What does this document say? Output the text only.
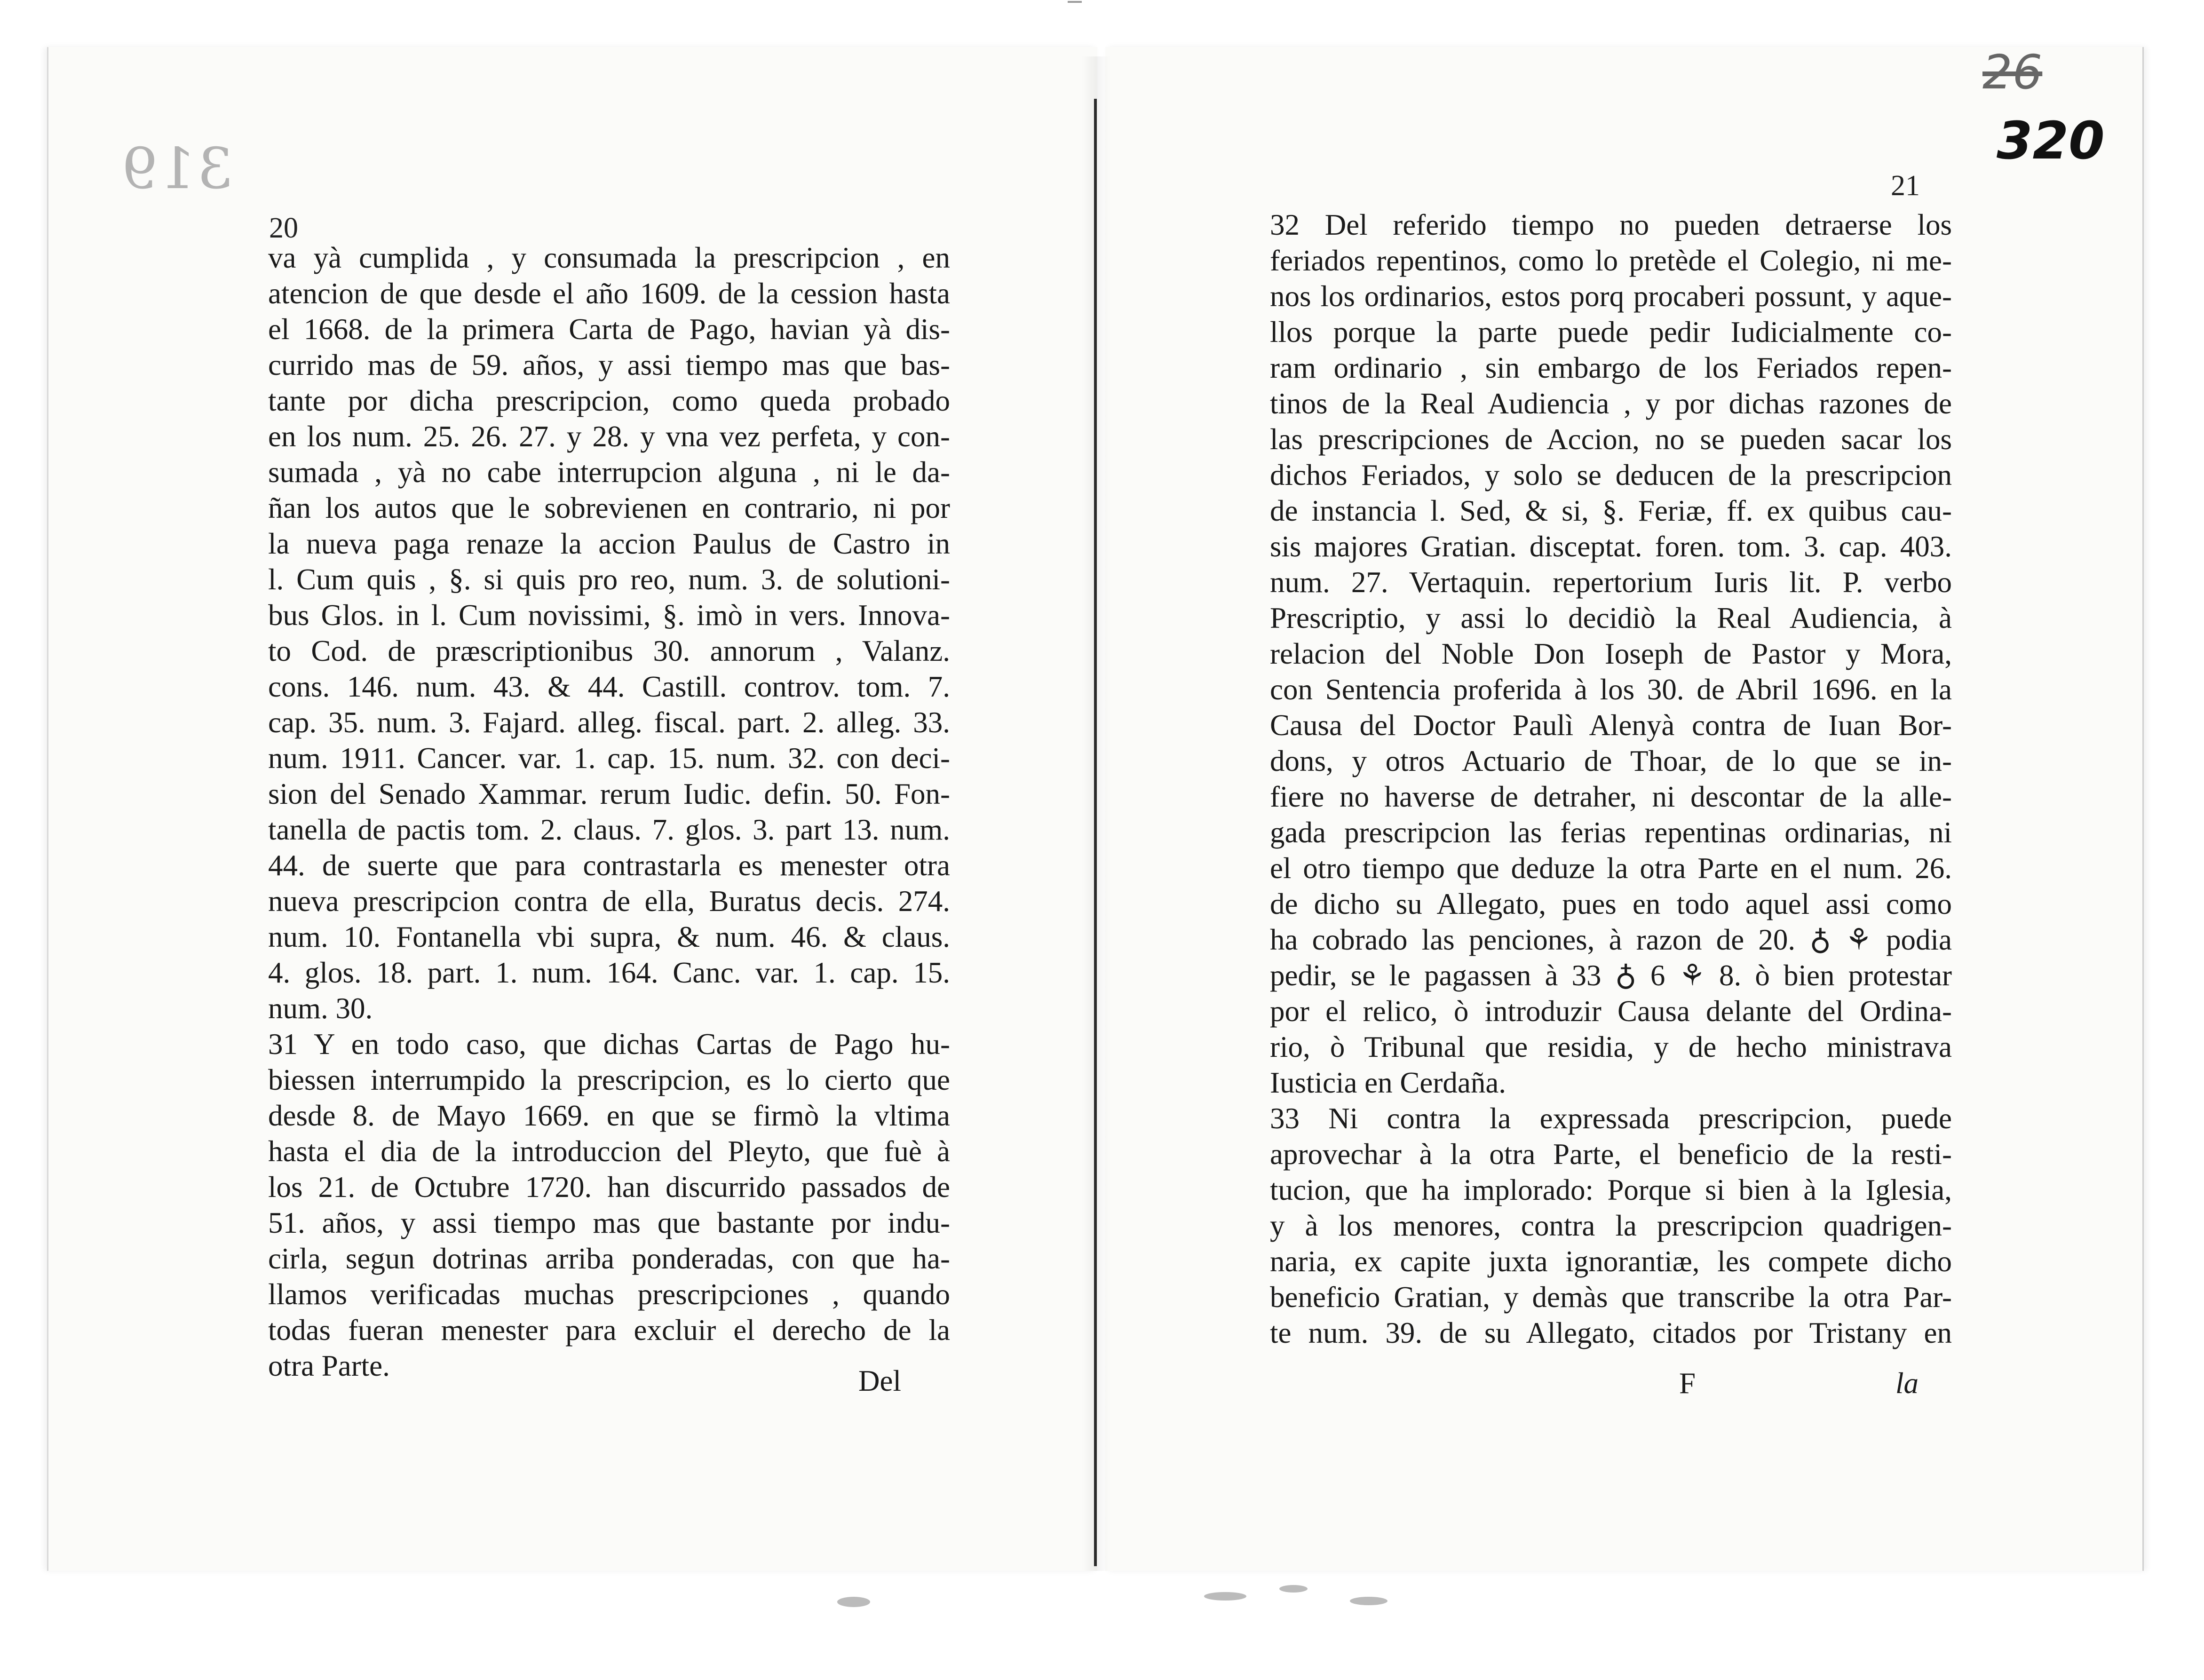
319
26
320
20
va yà cumplida , y consumada la prescripcion , en
atencion de que desde el año 1609. de la cession hasta
el 1668. de la primera Carta de Pago, havian yà dis-
currido mas de 59. años, y assi tiempo mas que bas-
tante por dicha prescripcion, como queda probado
en los num. 25. 26. 27. y 28. y vna vez perfeta, y con-
sumada , yà no cabe interrupcion alguna , ni le da-
ñan los autos que le sobrevienen en contrario, ni por
la nueva paga renaze la accion Paulus de Castro in
l. Cum quis , §. si quis pro reo, num. 3. de solutioni-
bus Glos. in l. Cum novissimi, §. imò in vers. Innova-
to Cod. de præscriptionibus 30. annorum , Valanz.
cons. 146. num. 43. & 44. Castill. controv. tom. 7.
cap. 35. num. 3. Fajard. alleg. fiscal. part. 2. alleg. 33.
num. 1911. Cancer. var. 1. cap. 15. num. 32. con deci-
sion del Senado Xammar. rerum Iudic. defin. 50. Fon-
tanella de pactis tom. 2. claus. 7. glos. 3. part 13. num.
44. de suerte que para contrastarla es menester otra
nueva prescripcion contra de ella, Buratus decis. 274.
num. 10. Fontanella vbi supra, & num. 46. & claus.
4. glos. 18. part. 1. num. 164. Canc. var. 1. cap. 15.
num. 30.
31 Y en todo caso, que dichas Cartas de Pago hu-
biessen interrumpido la prescripcion, es lo cierto que
desde 8. de Mayo 1669. en que se firmò la vltima
hasta el dia de la introduccion del Pleyto, que fuè à
los 21. de Octubre 1720. han discurrido passados de
51. años, y assi tiempo mas que bastante por indu-
cirla, segun dotrinas arriba ponderadas, con que ha-
llamos verificadas muchas prescripciones , quando
todas fueran menester para excluir el derecho de la
otra Parte.	Del
21
32 Del referido tiempo no pueden detraerse los
feriados repentinos, como lo pretède el Colegio, ni me-
nos los ordinarios, estos porq procaberi possunt, y aque-
llos porque la parte puede pedir Iudicialmente co-
ram ordinario , sin embargo de los Feriados repen-
tinos de la Real Audiencia , y por dichas razones de
las prescripciones de Accion, no se pueden sacar los
dichos Feriados, y solo se deducen de la prescripcion
de instancia l. Sed, & si, §. Feriæ, ff. ex quibus cau-
sis majores Gratian. disceptat. foren. tom. 3. cap. 403.
num. 27. Vertaquin. repertorium Iuris lit. P. verbo
Prescriptio, y assi lo decidiò la Real Audiencia, à
relacion del Noble Don Ioseph de Pastor y Mora,
con Sentencia proferida à los 30. de Abril 1696. en la
Causa del Doctor Paulì Alenyà contra de Iuan Bor-
dons, y otros Actuario de Thoar, de lo que se in-
fiere no haverse de detraher, ni descontar de la alle-
gada prescripcion las ferias repentinas ordinarias, ni
el otro tiempo que deduze la otra Parte en el num. 26.
de dicho su Allegato, pues en todo aquel assi como
ha cobrado las penciones, à razon de 20. ♁ ⚘ podia
pedir, se le pagassen à 33 ♁ 6 ⚘ 8. ò bien protestar
por el relico, ò introduzir Causa delante del Ordina-
rio, ò Tribunal que residia, y de hecho ministrava
Iusticia en Cerdaña.
33 Ni contra la expressada prescripcion, puede
aprovechar à la otra Parte, el beneficio de la resti-
tucion, que ha implorado: Porque si bien à la Iglesia,
y à los menores, contra la prescripcion quadrigen-
naria, ex capite juxta ignorantiæ, les compete dicho
beneficio Gratian, y demàs que transcribe la otra Par-
te num. 39. de su Allegato, citados por Tristany en
F	la
